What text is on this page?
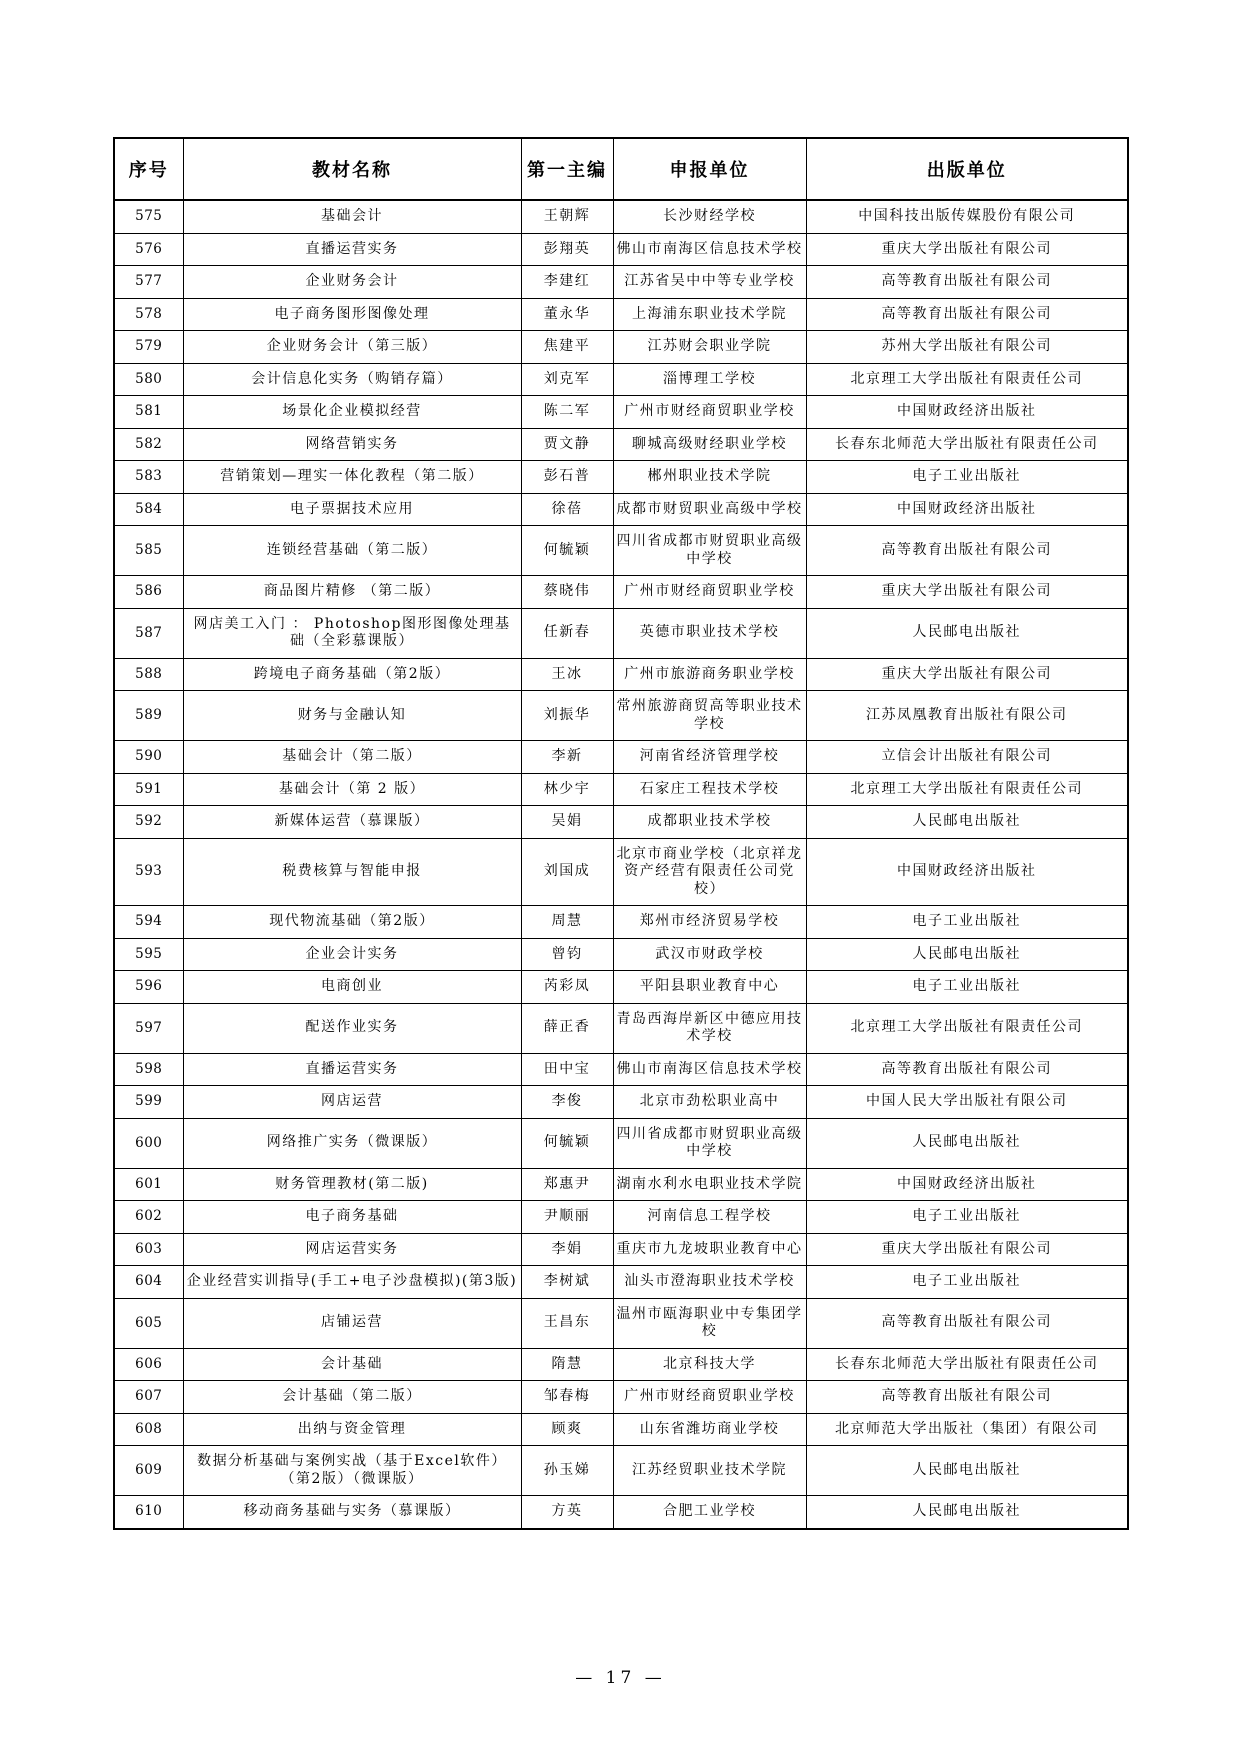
序号	教材名称	第一主编	申报单位	出版单位
575	基础会计	王朝辉	长沙财经学校	中国科技出版传媒股份有限公司
576	直播运营实务	彭翔英	佛山市南海区信息技术学校	重庆大学出版社有限公司
577	企业财务会计	李建红	江苏省吴中中等专业学校	高等教育出版社有限公司
578	电子商务图形图像处理	董永华	上海浦东职业技术学院	高等教育出版社有限公司
579	企业财务会计（第三版）	焦建平	江苏财会职业学院	苏州大学出版社有限公司
580	会计信息化实务（购销存篇）	刘克军	淄博理工学校	北京理工大学出版社有限责任公司
581	场景化企业模拟经营	陈二军	广州市财经商贸职业学校	中国财政经济出版社
582	网络营销实务	贾文静	聊城高级财经职业学校	长春东北师范大学出版社有限责任公司
583	营销策划—理实一体化教程（第二版）	彭石普	郴州职业技术学院	电子工业出版社
584	电子票据技术应用	徐蓓	成都市财贸职业高级中学校	中国财政经济出版社
585	连锁经营基础（第二版）	何毓颖	四川省成都市财贸职业高级中学校	高等教育出版社有限公司
586	商品图片精修 （第二版）	蔡晓伟	广州市财经商贸职业学校	重庆大学出版社有限公司
587	网店美工入门 ： Photoshop图形图像处理基础（全彩慕课版）	任新春	英德市职业技术学校	人民邮电出版社
588	跨境电子商务基础（第2版）	王冰	广州市旅游商务职业学校	重庆大学出版社有限公司
589	财务与金融认知	刘振华	常州旅游商贸高等职业技术学校	江苏凤凰教育出版社有限公司
590	基础会计（第二版）	李新	河南省经济管理学校	立信会计出版社有限公司
591	基础会计（第 2 版）	林少宇	石家庄工程技术学校	北京理工大学出版社有限责任公司
592	新媒体运营（慕课版）	吴娟	成都职业技术学校	人民邮电出版社
593	税费核算与智能申报	刘国成	北京市商业学校（北京祥龙资产经营有限责任公司党校）	中国财政经济出版社
594	现代物流基础（第2版）	周慧	郑州市经济贸易学校	电子工业出版社
595	企业会计实务	曾钧	武汉市财政学校	人民邮电出版社
596	电商创业	芮彩凤	平阳县职业教育中心	电子工业出版社
597	配送作业实务	薛正香	青岛西海岸新区中德应用技术学校	北京理工大学出版社有限责任公司
598	直播运营实务	田中宝	佛山市南海区信息技术学校	高等教育出版社有限公司
599	网店运营	李俊	北京市劲松职业高中	中国人民大学出版社有限公司
600	网络推广实务（微课版）	何毓颖	四川省成都市财贸职业高级中学校	人民邮电出版社
601	财务管理教材(第二版)	郑惠尹	湖南水利水电职业技术学院	中国财政经济出版社
602	电子商务基础	尹顺丽	河南信息工程学校	电子工业出版社
603	网店运营实务	李娟	重庆市九龙坡职业教育中心	重庆大学出版社有限公司
604	企业经营实训指导(手工+电子沙盘模拟)(第3版)	李树斌	汕头市澄海职业技术学校	电子工业出版社
605	店铺运营	王昌东	温州市瓯海职业中专集团学校	高等教育出版社有限公司
606	会计基础	隋慧	北京科技大学	长春东北师范大学出版社有限责任公司
607	会计基础（第二版）	邹春梅	广州市财经商贸职业学校	高等教育出版社有限公司
608	出纳与资金管理	顾爽	山东省潍坊商业学校	北京师范大学出版社（集团）有限公司
609	数据分析基础与案例实战（基于Excel软件）（第2版）（微课版）	孙玉娣	江苏经贸职业技术学院	人民邮电出版社
610	移动商务基础与实务（慕课版）	方英	合肥工业学校	人民邮电出版社
— 17 —
